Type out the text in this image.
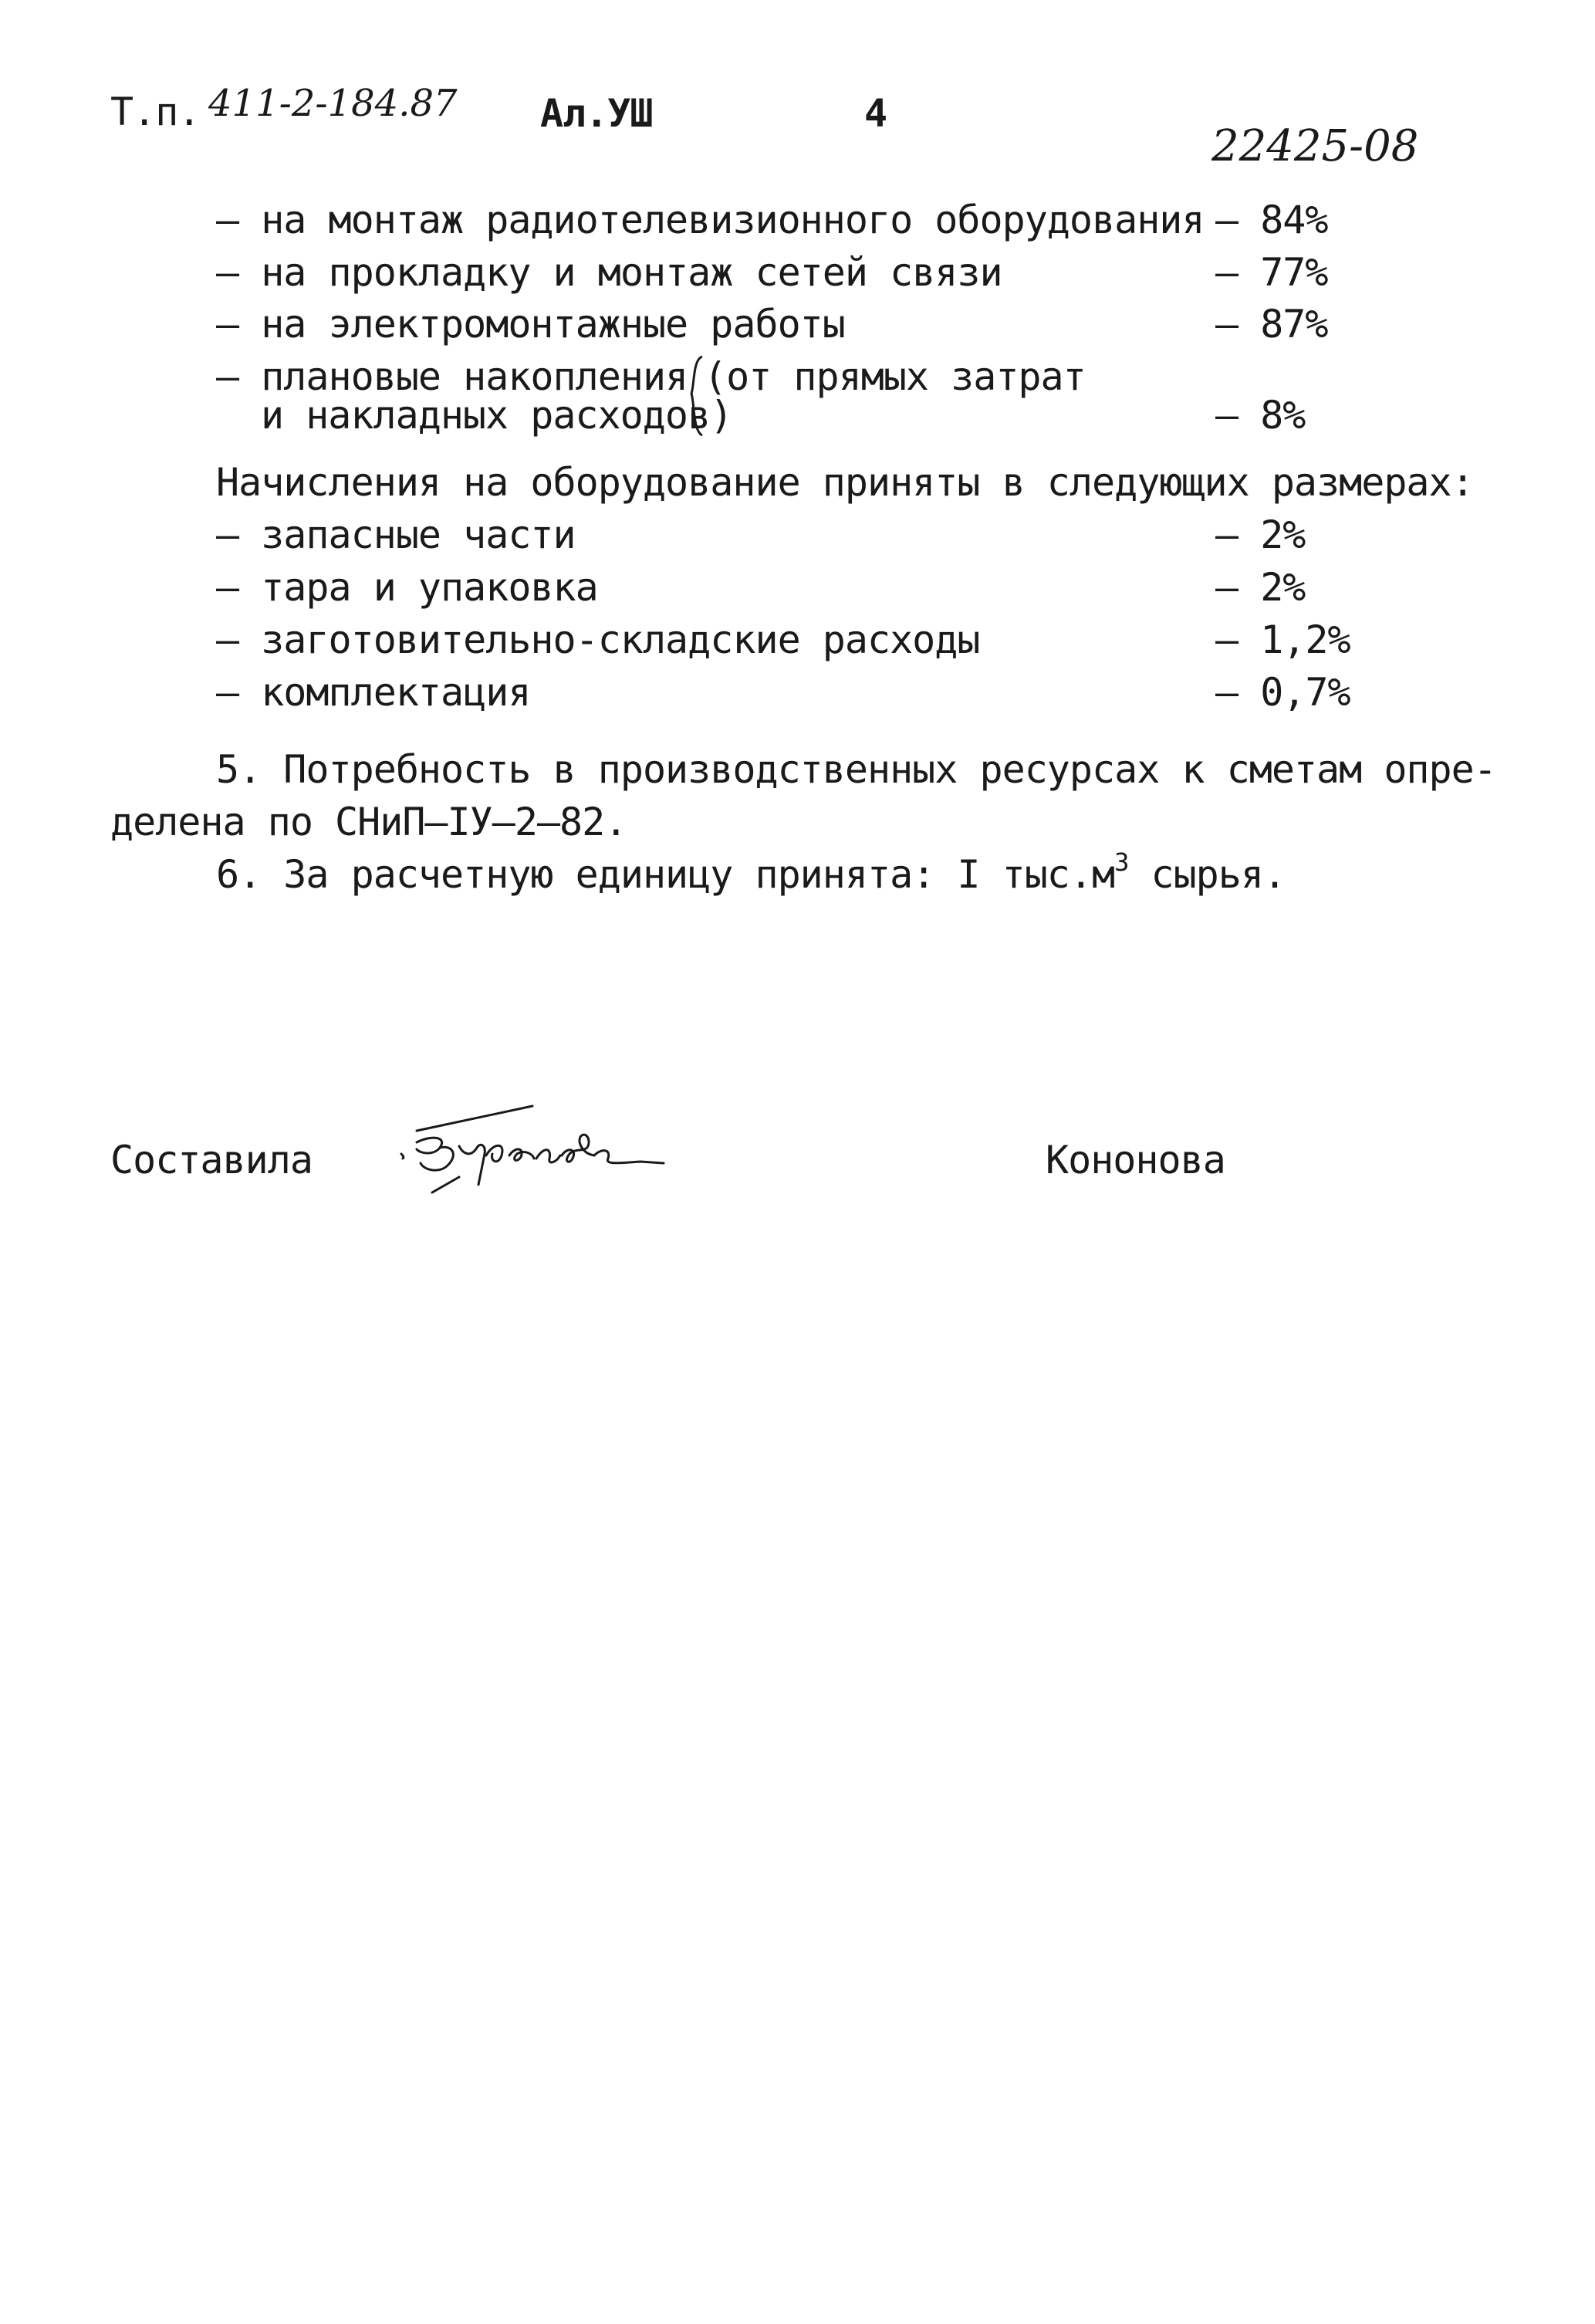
Т.п. 411-2-184.87 Ал.УШ	4
22425-08
– на монтаж радиотелевизионного оборудования – 84%
– на прокладку и монтаж сетей связи	– 77%
– на электромонтажные работы	– 87%
– плановые накопления (от прямых затрат
и накладных расходов)	– 8%
Начисления на оборудование приняты в следующих размерах:
– запасные части	– 2%
– тара и упаковка	– 2%
– заготовительно-складские расходы	– 1,2%
– комплектация	– 0,7%
5. Потребность в производственных ресурсах к сметам опре-
делена по СНиП–IУ–2–82.
6. За расчетную единицу принята: I $тыс.м^3$ сырья.
Составила	Кононова
